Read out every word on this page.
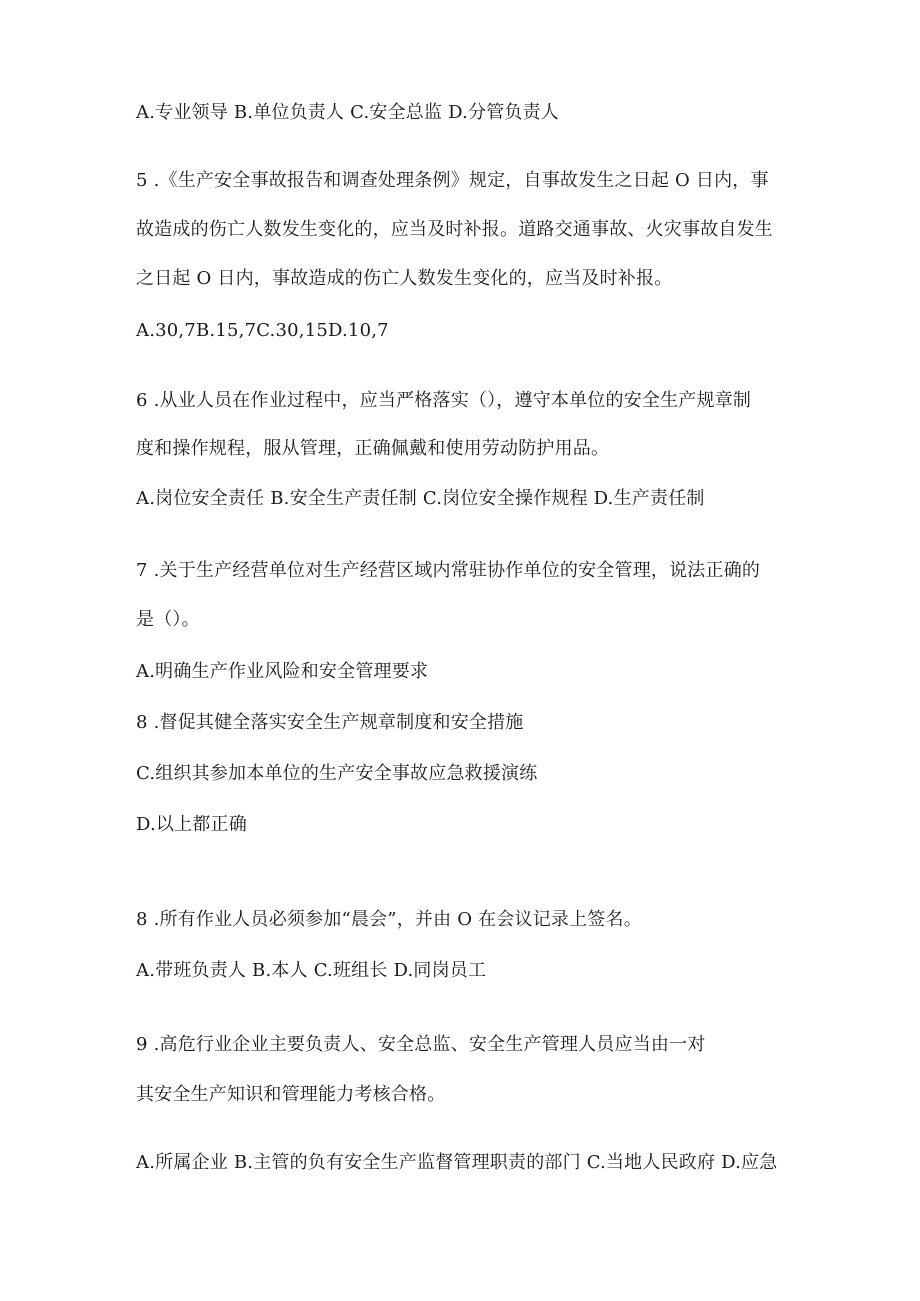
A.专业领导 B.单位负责人 C.安全总监 D.分管负责人
5 .《生产安全事故报告和调查处理条例》规定，自事故发生之日起 O 日内，事
故造成的伤亡人数发生变化的，应当及时补报。道路交通事故、火灾事故自发生
之日起 O 日内，事故造成的伤亡人数发生变化的，应当及时补报。
A.30,7B.15,7C.30,15D.10,7
6 .从业人员在作业过程中，应当严格落实（），遵守本单位的安全生产规章制
度和操作规程，服从管理，正确佩戴和使用劳动防护用品。
A.岗位安全责任 B.安全生产责任制 C.岗位安全操作规程 D.生产责任制
7 .关于生产经营单位对生产经营区域内常驻协作单位的安全管理，说法正确的
是（）。
A.明确生产作业风险和安全管理要求
8 .督促其健全落实安全生产规章制度和安全措施
C.组织其参加本单位的生产安全事故应急救援演练
D.以上都正确
8 .所有作业人员必须参加“晨会”，并由 O 在会议记录上签名。
A.带班负责人 B.本人 C.班组长 D.同岗员工
9 .高危行业企业主要负责人、安全总监、安全生产管理人员应当由一对
其安全生产知识和管理能力考核合格。
A.所属企业 B.主管的负有安全生产监督管理职责的部门 C.当地人民政府 D.应急
